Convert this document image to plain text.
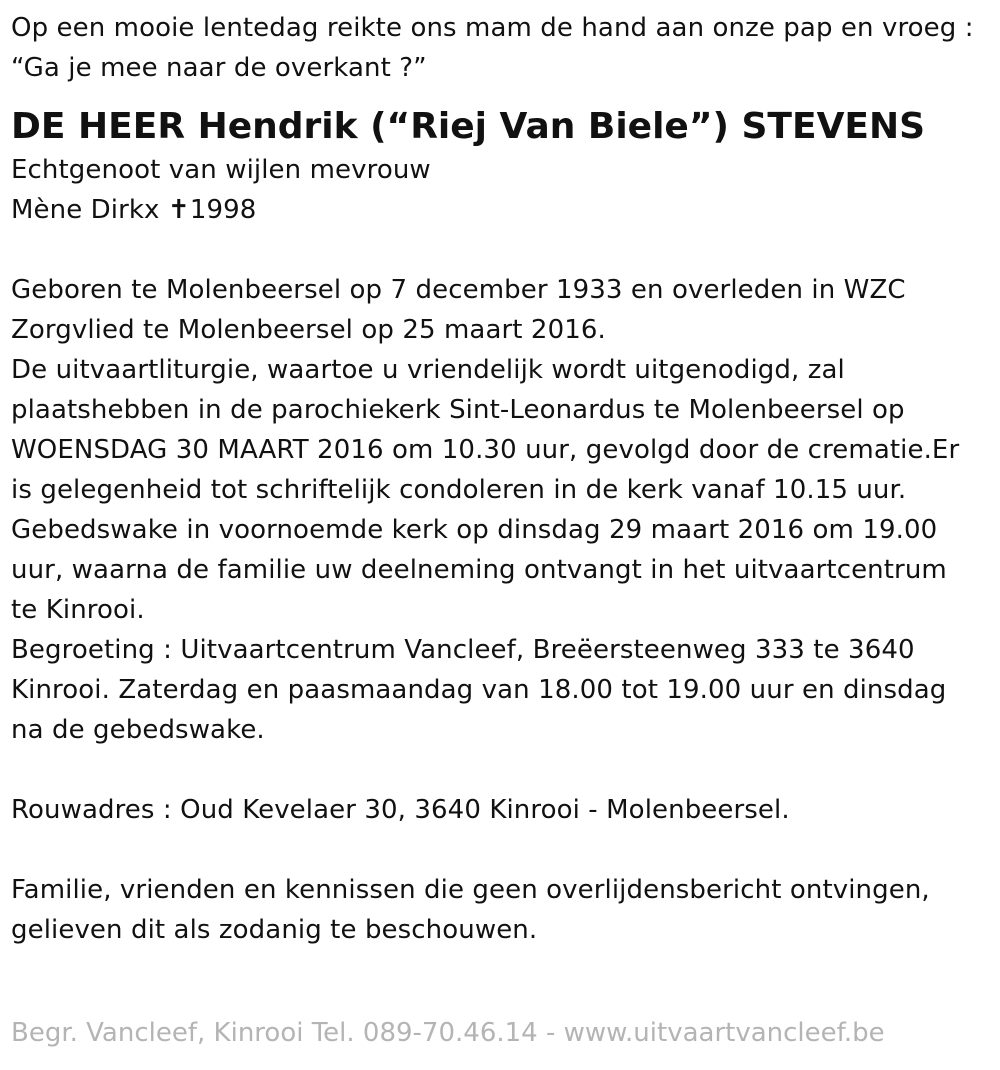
Op een mooie lentedag reikte ons mam de hand aan onze pap en vroeg :
“Ga je mee naar de overkant ?”
DE HEER Hendrik (“Riej Van Biele”) STEVENS
Echtgenoot van wijlen mevrouw
Mène Dirkx ✝1998
Geboren te Molenbeersel op 7 december 1933 en overleden in WZC
Zorgvlied te Molenbeersel op 25 maart 2016.
De uitvaartliturgie, waartoe u vriendelijk wordt uitgenodigd, zal
plaatshebben in de parochiekerk Sint-Leonardus te Molenbeersel op
WOENSDAG 30 MAART 2016 om 10.30 uur, gevolgd door de crematie.Er
is gelegenheid tot schriftelijk condoleren in de kerk vanaf 10.15 uur.
Gebedswake in voornoemde kerk op dinsdag 29 maart 2016 om 19.00
uur, waarna de familie uw deelneming ontvangt in het uitvaartcentrum
te Kinrooi.
Begroeting : Uitvaartcentrum Vancleef, Breëersteenweg 333 te 3640
Kinrooi. Zaterdag en paasmaandag van 18.00 tot 19.00 uur en dinsdag
na de gebedswake.
Rouwadres : Oud Kevelaer 30, 3640 Kinrooi - Molenbeersel.
Familie, vrienden en kennissen die geen overlijdensbericht ontvingen,
gelieven dit als zodanig te beschouwen.
Begr. Vancleef, Kinrooi Tel. 089-70.46.14 - www.uitvaartvancleef.be
